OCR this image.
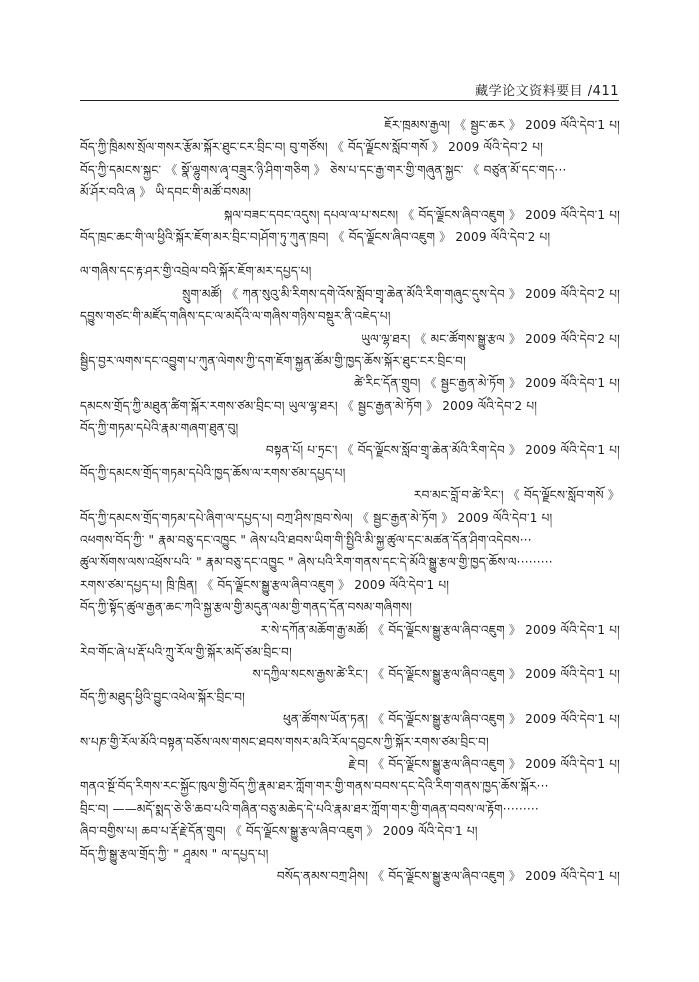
藏学论文资料要目 /411
ཇོར་ཁྲམས་རྒྱལ། 《 སྦྱང་ཆར 》 2009 ལོའི་དེབ་1 པ།
བོད་ཀྱི་ཁྲིམས་སྲོལ་གསར་རྩོམ་སྐོར་ཐུང་ངར་བྲིང་བ། བུ་གཙོས། 《 བོད་ལྗོངས་སློབ་གསོ 》 2009 ལོའི་དེབ་2 པ།
བོད་ཀྱི་དམངས་སྐྱང་ 《 སྣོ་ལྷུགས་ཞྭ་བཟྲུར་ཉི་ཤིག་གཅིག 》 ཅེས་པ་དང་རྒྱ་གར་གྱི་གཞུན་སྐྱང་ 《 བཙུན་མོ་དང་གད···
མོ་ཤོར་བའི་ཞ 》 ཡི་དབང་གི་མཚོ་བསམ།
སྐལ་བཟང་དབང་འདུས། དཔལ་ལ་པ་སངས། 《 བོད་ལྗོངས་ཞིབ་འཇུག 》 2009 ལོའི་དེབ་1 པ།
བོད་ཁྲང་ཆང་གི་ལ་ཕྱིའི་སྐོར་ཇོག་མར་བྲིང་བ།ཤོག་ཏུ་ཀུན་ཁྲབ། 《 བོད་ལྗོངས་ཞིབ་འཇུག 》 2009 ལོའི་དེབ་2 པ།
ལ་གཞིས་དང་རྟ་ཤར་གྱི་འབྲེལ་བའི་སྐོར་ཇོག་མར་དཔྱད་པ།
སྲུག་མཚོ། 《 ཀན་སུའུ་མི་རིགས་དགེ་འོས་སློབ་གྲྭ་ཆེན་མོའི་རིག་གཞུང་དུས་དེབ 》 2009 ལོའི་དེབ་2 པ།
དབྱུས་གཙང་གི་མཛོད་གཞིས་དང་ལ་མདོའི་ལ་གཞིས་གཉིས་བསྡུར་ནི་འཇེད་པ།
ཡུལ་ལྷ་ཐར། 《 མང་ཚོགས་སྒྱུ་རྩལ 》 2009 ལོའི་དེབ་2 པ།
སྦྱིད་བྱར་ལགས་དང་འབྱུག་པ་ཀུན་ལེགས་ཀྱི་དག་ཇོག་སྐྱན་ཚོམ་གྱི་ཁྱད་ཆོས་སྐོར་ཐུང་ངར་བྲིང་བ།
ཚེ་རིང་དོན་གྲུབ། 《 སྦྱང་རྒྱན་མེ་ཏོག 》 2009 ལོའི་དེབ་1 པ།
དམངས་གྲོད་ཀྱི་མཐུན་ཚིག་སྐོར་རགས་ཙམ་བྲིང་བ། ཡུལ་ལྷ་ཐར། 《 སྦྱང་རྒྱན་མེ་ཏོག 》 2009 ལོའི་དེབ་2 པ།
བོད་ཀྱི་གཏམ་དཔེའི་རྣམ་གཞག་ཐུན་བུ།
བསྟན་པོ། པ་ཏྲང་། 《 བོད་ལྗོངས་སློབ་གྲྭ་ཆེན་མོའི་རིག་དེབ 》 2009 ལོའི་དེབ་1 པ།
བོད་ཀྱི་དམངས་གྲོད་གཏམ་དཔེའི་ཁྱད་ཆོས་ལ་རགས་ཙམ་དཔྱད་པ།
རབ་མང་བློ་བ་ཚེ་རིང་། 《 བོད་ལྗོངས་སློབ་གསོ 》
བོད་ཀྱི་དམངས་གྲོད་གཏམ་དཔེ་ཞིག་ལ་དཔྱད་པ། བཀྲ་ཤིས་ཁྲབ་སེལ། 《 སྦྱང་རྒྱན་མེ་ཏོག 》 2009 ལོའི་དེབ་1 པ།
འཕགས་བོད་ཀྱི་ " རྣམ་བཅུ་དང་འཁྱུང " ཞེས་པའི་ཐབས་ཡིག་གི་སྤྱིའི་མི་སྐྱ་ཚུལ་དང་མཚན་དོན་ཤིག་འདེབས···
ཚུལ་སོགས་ལས་འཕྲོས་པའི་ " རྣམ་བཅུ་དང་འཁྱུང " ཞེས་པའི་རིག་གནས་དང་དེ་མོའི་སྒྱུ་རྩལ་གྱི་ཁྱད་ཆོས་ལ·········
རགས་ཙམ་དཔྱད་པ། ཁྲི་ཁྲིན། 《 བོད་ལྗོངས་སྒྱུ་རྩལ་ཞིབ་འཇུག 》 2009 ལོའི་དེབ་1 པ།
བོད་ཀྱི་སྟོད་ཚུལ་རྒྱན་ཆང་ཀའི་སྐྱ་རྩལ་གྱི་མདུན་ལམ་གྱི་གནད་དོན་བསམ་གཞིགས།
ར་སེ་དཀོན་མཆོག་རྒྱ་མཚོ། 《 བོད་ལྗོངས་སྒྱུ་རྩལ་ཞིབ་འཇུག 》 2009 ལོའི་དེབ་1 པ།
རེབ་གོང་ཞེ་པ་རྡོ་པའི་ཀྲུ་རོལ་གྱི་སྐོར་མདོ་ཙམ་བྲིང་བ།
ས་དཀྱིལ་སངས་རྒྱས་ཚེ་རིང་། 《 བོད་ལྗོངས་སྒྱུ་རྩལ་ཞིབ་འཇུག 》 2009 ལོའི་དེབ་1 པ།
བོད་ཀྱི་མཐུད་ཕྱིའི་བྱུང་འཕེལ་སྐོར་བྲིང་བ།
ཕུན་ཚོགས་ཡོན་ཏན། 《 བོད་ལྗོངས་སྒྱུ་རྩལ་ཞིབ་འཇུག 》 2009 ལོའི་དེབ་1 པ།
ས་པཎ་གྱི་རོལ་མོའི་བསྟན་བཅོས་ལས་གསང་ཐབས་གསར་མའི་རོལ་དབྱངས་ཀྱི་སྐོར་རགས་ཙམ་བྲིང་བ།
རྗེ་བ། 《 བོད་ལྗོངས་སྒྱུ་རྩལ་ཞིབ་འཇུག 》 2009 ལོའི་དེབ་1 པ།
གནའ་སྔོ་བོད་རིགས་རང་སྐྱོང་ཁུལ་གྱི་བོད་ཀྱི་རྣམ་ཐར་ཀློག་གར་གྱི་གནས་བབས་དང་དེའི་རིག་གནས་ཁྱད་ཆོས་སྐོར···
བྲིང་བ། ——མདོ་སྨད་ཅེ་ཅི་ཆབ་པའི་གཞིན་བཅུ་མཆེད་དེ་པའི་རྣམ་ཐར་ཀློག་གར་གྱི་གཞན་བབས་ལ་རྟོག·········
ཞིབ་བགྱིས་པ། ཆབ་པ་རྡོ་རྗེ་དོན་གྲུབ། 《 བོད་ལྗོངས་སྒྱུ་རྩལ་ཞིབ་འཇུག 》 2009 ལོའི་དེབ་1 པ།
བོད་ཀྱི་སྒྱུ་རྩལ་གྲོད་ཀྱི་ " ཤཱམས " ལ་དཔྱད་པ།
བསོད་ནམས་བཀྲ་ཤིས། 《 བོད་ལྗོངས་སྒྱུ་རྩལ་ཞིབ་འཇུག 》 2009 ལོའི་དེབ་1 པ།
